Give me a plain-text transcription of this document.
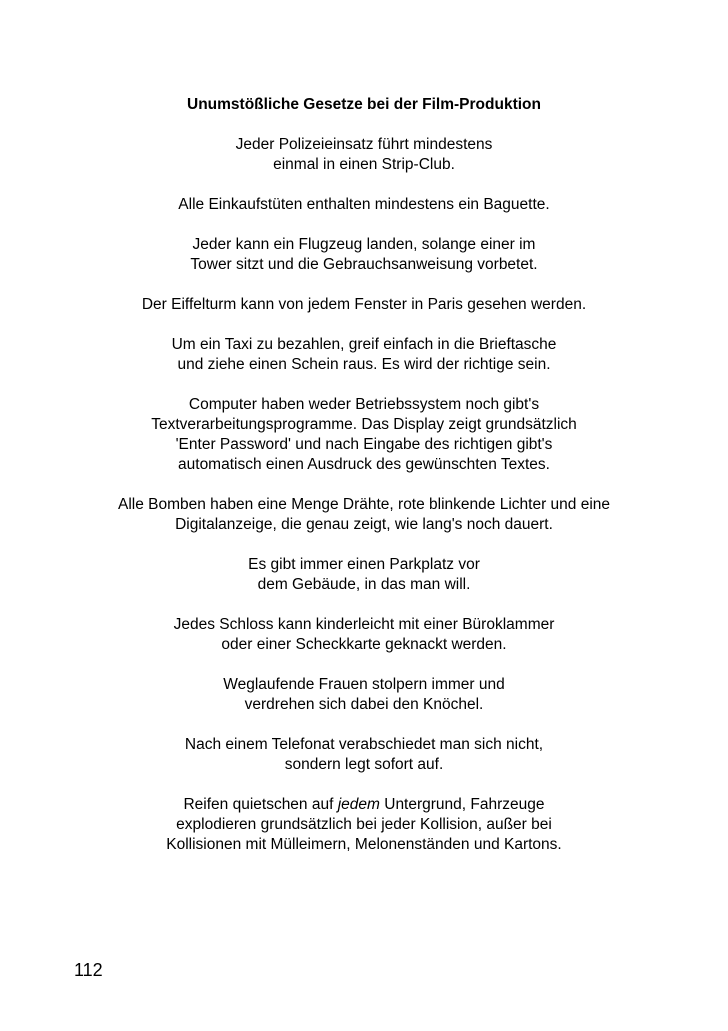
Unumstößliche Gesetze bei der Film-Produktion
Jeder Polizeieinsatz führt mindestens
einmal in einen Strip-Club.
Alle Einkaufstüten enthalten mindestens ein Baguette.
Jeder kann ein Flugzeug landen, solange einer im
Tower sitzt und die Gebrauchsanweisung vorbetet.
Der Eiffelturm kann von jedem Fenster in Paris gesehen werden.
Um ein Taxi zu bezahlen, greif einfach in die Brieftasche
und ziehe einen Schein raus. Es wird der richtige sein.
Computer haben weder Betriebssystem noch gibt's
Textverarbeitungsprogramme. Das Display zeigt grundsätzlich
'Enter Password' und nach Eingabe des richtigen gibt's
automatisch einen Ausdruck des gewünschten Textes.
Alle Bomben haben eine Menge Drähte, rote blinkende Lichter und eine
Digitalanzeige, die genau zeigt, wie lang's noch dauert.
Es gibt immer einen Parkplatz vor
dem Gebäude, in das man will.
Jedes Schloss kann kinderleicht mit einer Büroklammer
oder einer Scheckkarte geknackt werden.
Weglaufende Frauen stolpern immer und
verdrehen sich dabei den Knöchel.
Nach einem Telefonat verabschiedet man sich nicht,
sondern legt sofort auf.
Reifen quietschen auf jedem Untergrund, Fahrzeuge
explodieren grundsätzlich bei jeder Kollision, außer bei
Kollisionen mit Mülleimern, Melonenständen und Kartons.
112
